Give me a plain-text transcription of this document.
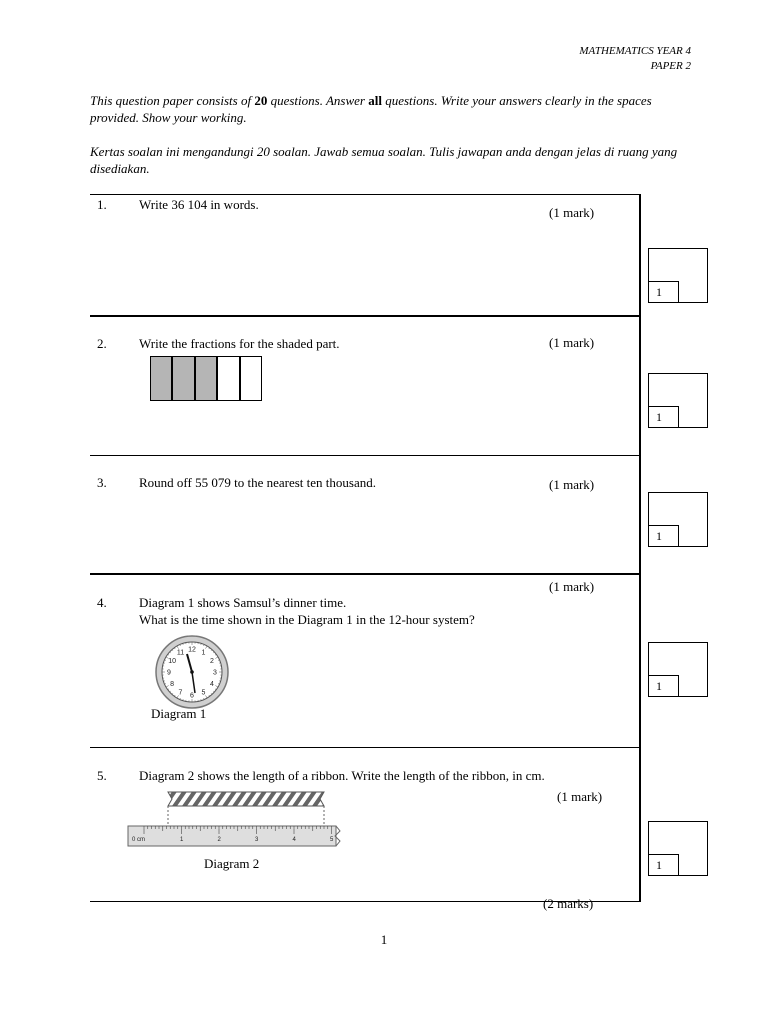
MATHEMATICS YEAR 4
PAPER 2
This question paper consists of 20 questions. Answer all questions. Write your answers clearly in the spaces provided. Show your working.
Kertas soalan ini mengandungi 20 soalan. Jawab semua soalan. Tulis jawapan anda dengan jelas di ruang yang disediakan.
1. Write 36 104 in words.
(1 mark)
1
2. Write the fractions for the shaded part.	(1 mark)
1
3. Round off 55 079 to the nearest ten thousand.	(1 mark)
1
(1 mark)
4. Diagram 1 shows Samsul’s dinner time.
What is the time shown in the Diagram 1 in the 12-hour system?
12 1
2
3
4
5
6
7
8
9
10
11
Diagram 1
1
5. Diagram 2 shows the length of a ribbon. Write the length of the ribbon, in cm.
(1 mark)
0 cm	1	2	3	4	5
Diagram 2	1
(2 marks)
1
